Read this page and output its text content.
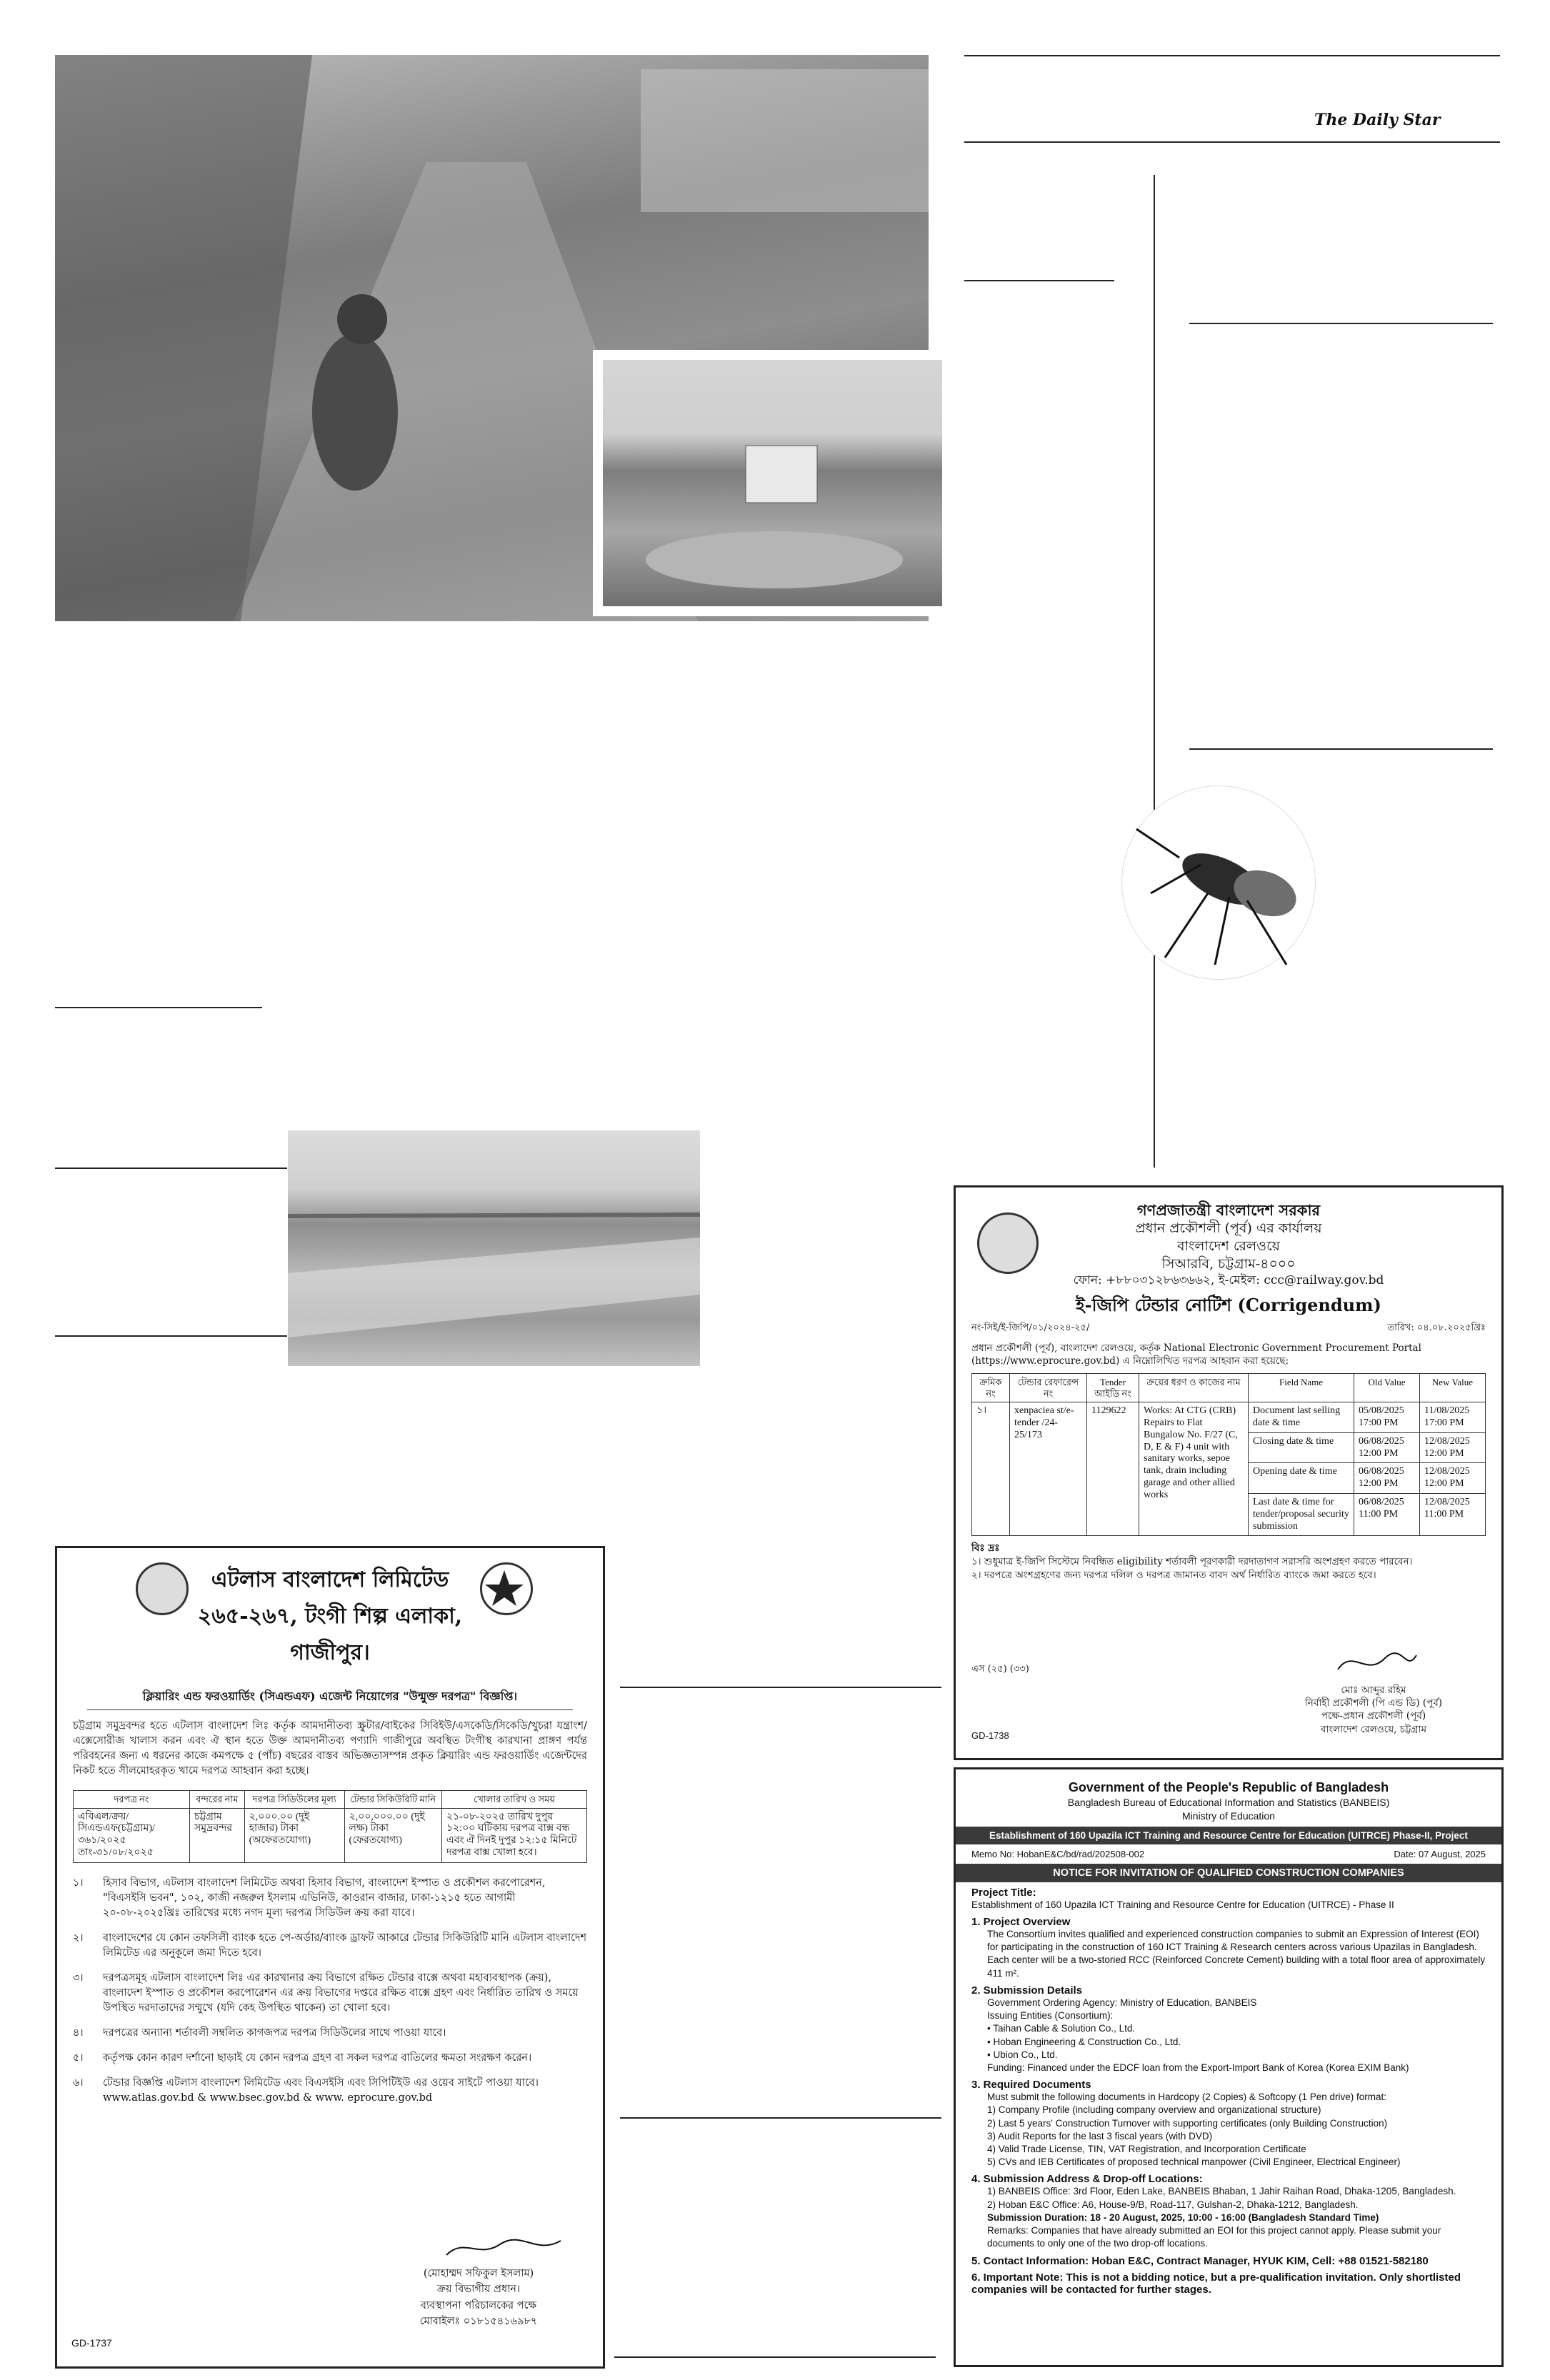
The Daily Star
এটলাস বাংলাদেশ লিমিটেড
২৬৫-২৬৭, টংগী শিল্প এলাকা,
গাজীপুর।
ক্লিয়ারিং এন্ড ফরওয়ার্ডিং (সিএন্ডএফ) এজেন্ট নিয়োগের "উন্মুক্ত দরপত্র" বিজ্ঞপ্তি।
চট্টগ্রাম সমুদ্রবন্দর হতে এটলাস বাংলাদেশ লিঃ কর্তৃক আমদানীতব্য স্ক্রুটার/বাইকের সিবিইউ/এসকেডি/সিকেডি/খুচরা যন্ত্রাংশ/এক্সেসোরীজ খালাস করন এবং ঐ স্থান হতে উক্ত আমদানীতব্য পণ্যাদি গাজীপুরে অবস্থিত টংগীস্থ কারখানা প্রাঙ্গণ পর্যন্ত পরিবহনের জন্য এ ধরনের কাজে কমপক্ষে ৫ (পাঁচ) বছরের বাস্তব অভিজ্ঞতাসম্পন্ন প্রকৃত ক্লিয়ারিং এন্ড ফরওয়ার্ডিং এজেন্টদের নিকট হতে সীলমোহরকৃত খামে দরপত্র আহবান করা হচ্ছে।
দরপত্র নং	বন্দরের নাম	দরপত্র সিডিউলের মূল্য	টেন্ডার সিকিউরিটি মানি	খোলার তারিখ ও সময়
এবিএল/ক্রয়/সিএন্ডএফ(চট্টগ্রাম)/৩৬১/২০২৫ তাং-৩১/০৮/২০২৫	চট্টগ্রাম সমুদ্রবন্দর	২,০০০.০০ (দুই হাজার) টাকা (অফেরতযোগ্য)	২,০০,০০০.০০ (দুই লক্ষ) টাকা (ফেরতযোগ্য)	২১-০৮-২০২৫ তারিখ দুপুর ১২:০০ ঘটিকায় দরপত্র বাক্স বন্ধ এবং ঐ দিনই দুপুর ১২:১৫ মিনিটে দরপত্র বাক্স খোলা হবে।

১।	হিসাব বিভাগ, এটলাস বাংলাদেশ লিমিটেড অথবা হিসাব বিভাগ, বাংলাদেশ ইস্পাত ও প্রকৌশল করপোরেশন, "বিএসইসি ভবন", ১০২, কাজী নজরুল ইসলাম এভিনিউ, কাওরান বাজার, ঢাকা-১২১৫ হতে আগামী ২০-০৮-২০২৫খ্রিঃ তারিখের মধ্যে নগদ মূল্য দরপত্র সিডিউল ক্রয় করা যাবে।

২।	বাংলাদেশের যে কোন তফসিলী ব্যাংক হতে পে-অর্ডার/ব্যাংক ড্রাফট আকারে টেন্ডার সিকিউরিটি মানি এটলাস বাংলাদেশ লিমিটেড এর অনুকূলে জমা দিতে হবে।

৩।	দরপত্রসমূহ এটলাস বাংলাদেশ লিঃ এর কারখানার ক্রয় বিভাগে রক্ষিত টেন্ডার বাক্সে অথবা মহাব্যবস্থাপক (ক্রয়), বাংলাদেশ ইস্পাত ও প্রকৌশল করপোরেশন এর ক্রয় বিভাগের দপ্তরে রক্ষিত বাক্সে গ্রহণ এবং নির্ধারিত তারিখ ও সময়ে উপস্থিত দরদাতাদের সম্মুখে (যদি কেহ উপস্থিত থাকেন) তা খোলা হবে।

৪।	দরপত্রের অন্যান্য শর্তাবলী সম্বলিত কাগজপত্র দরপত্র সিডিউলের সাথে পাওয়া যাবে।

৫।	কর্তৃপক্ষ কোন কারণ দর্শানো ছাড়াই যে কোন দরপত্র গ্রহণ বা সকল দরপত্র বাতিলের ক্ষমতা সংরক্ষণ করেন।

৬।	টেন্ডার বিজ্ঞপ্তি এটলাস বাংলাদেশ লিমিটেড এবং বিএসইসি এবং সিপিটিইউ এর ওয়েব সাইটে পাওয়া যাবে। www.atlas.gov.bd & www.bsec.gov.bd & www. eprocure.gov.bd

(মোহাম্মদ সফিকুল ইসলাম)
ক্রয় বিভাগীয় প্রধান।
ব্যবস্থাপনা পরিচালকের পক্ষে
মোবাইলঃ ০১৮১৫৪১৬৯৮৭
GD-1737
গণপ্রজাতন্ত্রী বাংলাদেশ সরকার
প্রধান প্রকৌশলী (পূর্ব) এর কার্যালয়
বাংলাদেশ রেলওয়ে
সিআরবি, চট্টগ্রাম-৪০০০
ফোন: +৮৮০৩১২৮৬৩৬৬২, ই-মেইল: ccc@railway.gov.bd
ই-জিপি টেন্ডার নোটিশ (Corrigendum)
নং-সিই/ই-জিপি/০১/২০২৪-২৫/	তারিখ: ০৪.০৮.২০২৫খ্রিঃ
প্রধান প্রকৌশলী (পূর্ব), বাংলাদেশ রেলওয়ে, কর্তৃক National Electronic Government Procurement Portal (https://www.eprocure.gov.bd) এ নিম্নোলিখিত দরপত্র আহবান করা হয়েছে:
ক্রমিক নং	টেন্ডার রেফারেন্স নং	Tender আইডি নং	ক্রয়ের ধরণ ও কাজের নাম	Field Name	Old Value	New Value
১।	xenpaciea st/e-tender /24-25/173	1129622	Works: At CTG (CRB) Repairs to Flat Bungalow No. F/27 (C, D, E & F) 4 unit with sanitary works, sepoe tank, drain including garage and other allied works	Document last selling date & time	05/08/2025 17:00 PM	11/08/2025 17:00 PM
				Closing date & time	06/08/2025 12:00 PM	12/08/2025 12:00 PM
				Opening date & time	06/08/2025 12:00 PM	12/08/2025 12:00 PM
				Last date & time for tender/proposal security submission	06/08/2025 11:00 PM	12/08/2025 11:00 PM
বিঃ দ্রঃ
১। শুধুমাত্র ই-জিপি সিস্টেমে নিবন্ধিত eligibility শর্তাবলী পূরণকারী দরদাতাগণ সরাসরি অংশগ্রহণ করতে পারবেন।
২। দরপত্রে অংশগ্রহণের জন্য দরপত্র দলিল ও দরপত্র জামানত বাবদ অর্থ নির্ধারিত ব্যাংকে জমা করতে হবে।
এস (২৫) (৩৩)
মোঃ আব্দুর রহিম
নির্বাহী প্রকৌশলী (পি এন্ড ডি) (পূর্ব)
পক্ষে-প্রধান প্রকৌশলী (পূর্ব)
বাংলাদেশ রেলওয়ে, চট্টগ্রাম
GD-1738
Government of the People's Republic of Bangladesh
Bangladesh Bureau of Educational Information and Statistics (BANBEIS)
Ministry of Education
Establishment of 160 Upazila ICT Training and Resource Centre for Education (UITRCE) Phase-II, Project
Memo No: HobanE&C/bd/rad/202508-002	Date: 07 August, 2025
NOTICE FOR INVITATION OF QUALIFIED CONSTRUCTION COMPANIES
Project Title:
Establishment of 160 Upazila ICT Training and Resource Centre for Education (UITRCE) - Phase II
1. Project Overview
The Consortium invites qualified and experienced construction companies to submit an Expression of Interest (EOI) for participating in the construction of 160 ICT Training & Research centers across various Upazilas in Bangladesh. Each center will be a two-storied RCC (Reinforced Concrete Cement) building with a total floor area of approximately 411 m².
2. Submission Details
Government Ordering Agency: Ministry of Education, BANBEIS
Issuing Entities (Consortium):
• Taihan Cable & Solution Co., Ltd.
• Hoban Engineering & Construction Co., Ltd.
• Ubion Co., Ltd.
Funding: Financed under the EDCF loan from the Export-Import Bank of Korea (Korea EXIM Bank)
3. Required Documents
Must submit the following documents in Hardcopy (2 Copies) & Softcopy (1 Pen drive) format:
1) Company Profile (including company overview and organizational structure)
2) Last 5 years' Construction Turnover with supporting certificates (only Building Construction)
3) Audit Reports for the last 3 fiscal years (with DVD)
4) Valid Trade License, TIN, VAT Registration, and Incorporation Certificate
5) CVs and IEB Certificates of proposed technical manpower (Civil Engineer, Electrical Engineer)
4. Submission Address & Drop-off Locations:
1) BANBEIS Office: 3rd Floor, Eden Lake, BANBEIS Bhaban, 1 Jahir Raihan Road, Dhaka-1205, Bangladesh.
2) Hoban E&C Office: A6, House-9/B, Road-117, Gulshan-2, Dhaka-1212, Bangladesh.
Submission Duration: 18 - 20 August, 2025, 10:00 - 16:00 (Bangladesh Standard Time)
Remarks: Companies that have already submitted an EOI for this project cannot apply. Please submit your documents to only one of the two drop-off locations.
5. Contact Information: Hoban E&C, Contract Manager, HYUK KIM, Cell: +88 01521-582180
6. Important Note: This is not a bidding notice, but a pre-qualification invitation. Only shortlisted companies will be contacted for further stages.
